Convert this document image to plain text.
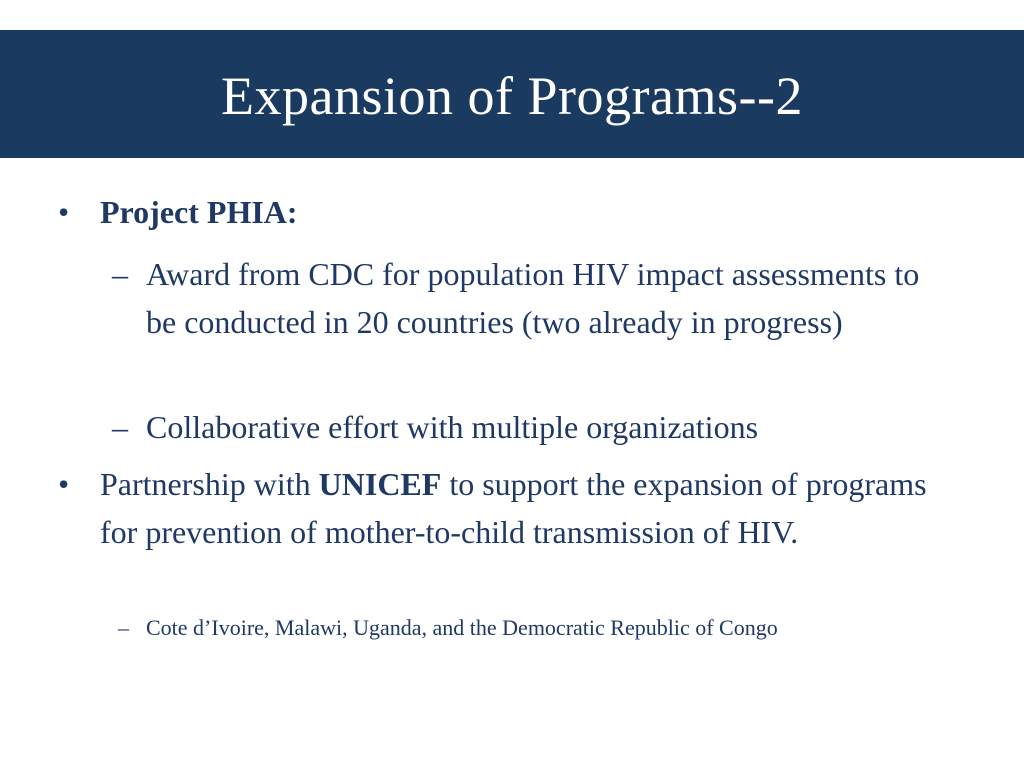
Expansion of Programs--2
• Project PHIA:
– Award from CDC for population HIV impact assessments to be conducted in 20 countries (two already in progress)
– Collaborative effort with multiple organizations
• Partnership with UNICEF to support the expansion of programs for prevention of mother-to-child transmission of HIV.
– Cote d’Ivoire, Malawi, Uganda, and the Democratic Republic of Congo
